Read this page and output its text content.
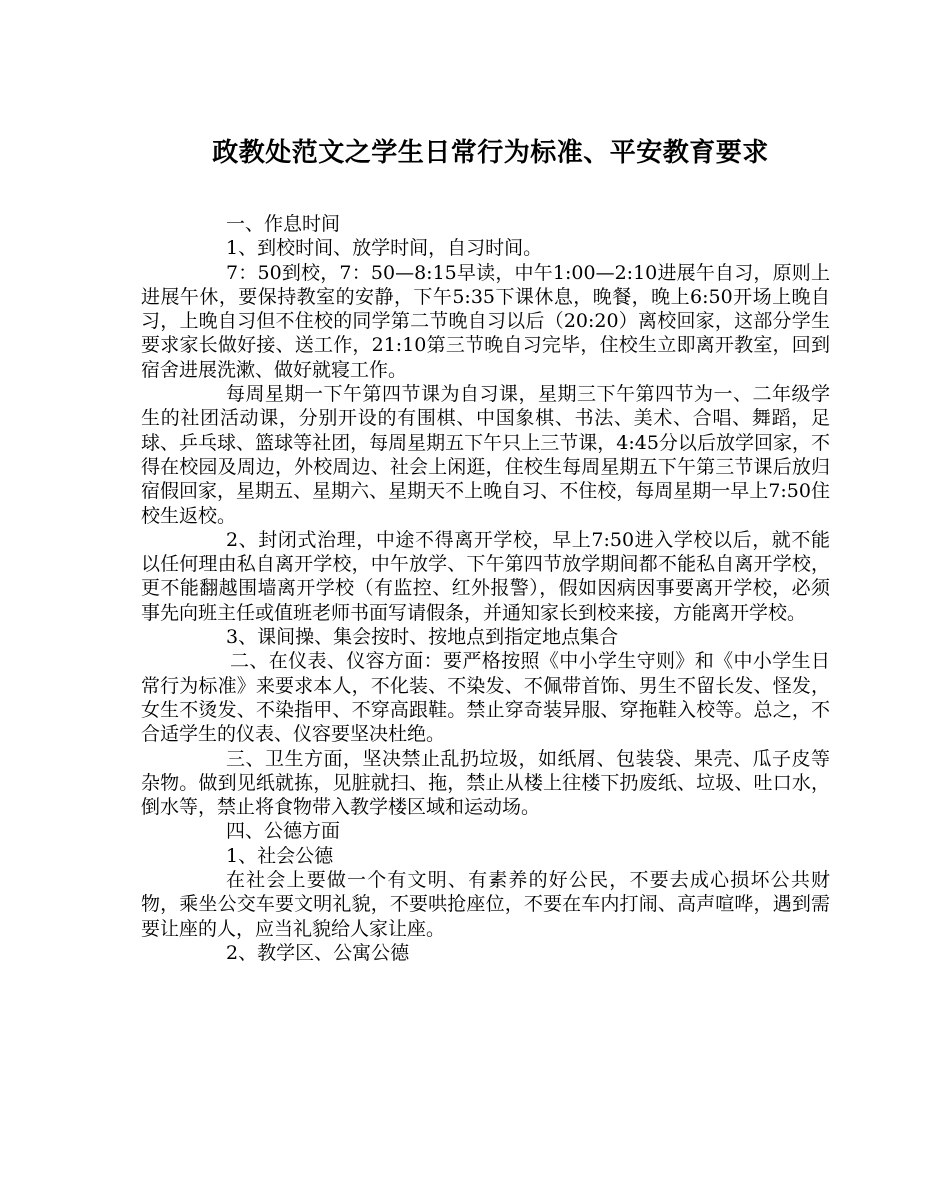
政教处范文之学生日常行为标准、平安教育要求

一、作息时间

1、到校时间、放学时间，自习时间。

7：50到校，7：50—8:15早读，中午1:00—2:10进展午自习，原则上进展午休，要保持教室的安静，下午5:35下课休息，晚餐，晚上6:50开场上晚自习，上晚自习但不住校的同学第二节晚自习以后（20:20）离校回家，这部分学生要求家长做好接、送工作，21:10第三节晚自习完毕，住校生立即离开教室，回到宿舍进展洗漱、做好就寝工作。

每周星期一下午第四节课为自习课，星期三下午第四节为一、二年级学生的社团活动课，分别开设的有围棋、中国象棋、书法、美术、合唱、舞蹈，足球、乒乓球、篮球等社团，每周星期五下午只上三节课，4:45分以后放学回家，不得在校园及周边，外校周边、社会上闲逛，住校生每周星期五下午第三节课后放归宿假回家，星期五、星期六、星期天不上晚自习、不住校，每周星期一早上7:50住校生返校。

2、封闭式治理，中途不得离开学校，早上7:50进入学校以后，就不能以任何理由私自离开学校，中午放学、下午第四节放学期间都不能私自离开学校，更不能翻越围墙离开学校（有监控、红外报警），假如因病因事要离开学校，必须事先向班主任或值班老师书面写请假条，并通知家长到校来接，方能离开学校。

3、课间操、集会按时、按地点到指定地点集合

二、在仪表、仪容方面：要严格按照《中小学生守则》和《中小学生日常行为标准》来要求本人，不化装、不染发、不佩带首饰、男生不留长发、怪发，女生不烫发、不染指甲、不穿高跟鞋。禁止穿奇装异服、穿拖鞋入校等。总之，不合适学生的仪表、仪容要坚决杜绝。

三、卫生方面，坚决禁止乱扔垃圾，如纸屑、包装袋、果壳、瓜子皮等杂物。做到见纸就拣，见脏就扫、拖，禁止从楼上往楼下扔废纸、垃圾、吐口水，倒水等，禁止将食物带入教学楼区域和运动场。

四、公德方面

1、社会公德

在社会上要做一个有文明、有素养的好公民，不要去成心损坏公共财物，乘坐公交车要文明礼貌，不要哄抢座位，不要在车内打闹、高声喧哗，遇到需要让座的人，应当礼貌给人家让座。

2、教学区、公寓公德
